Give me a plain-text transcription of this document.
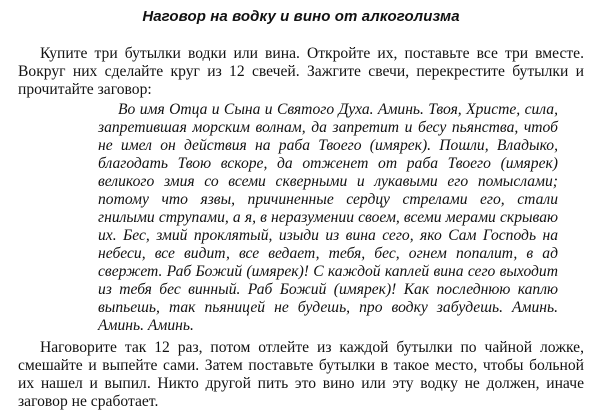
Наговор на водку и вино от алкоголизма

Купите три бутылки водки или вина. Откройте их, поставьте все три вместе. Вокруг них сделайте круг из 12 свечей. Зажгите свечи, перекрестите бутылки и прочитайте заговор:

Во имя Отца и Сына и Святого Духа. Аминь. Твоя, Христе, сила, запретившая морским волнам, да запретит и бесу пьянства, чтоб не имел он действия на раба Твоего (имярек). Пошли, Владыко, благодать Твою вскоре, да отженет от раба Твоего (имярек) великого змия со всеми скверными и лукавыми его помыслами; потому что язвы, причиненные сердцу стрелами его, стали гнилыми струпами, а я, в неразумении своем, всеми мерами скрываю их. Бес, змий проклятый, изыди из вина сего, яко Сам Господь на небеси, все видит, все ведает, тебя, бес, огнем попалит, в ад свержет. Раб Божий (имярек)! С каждой каплей вина сего выходит из тебя бес винный. Раб Божий (имярек)! Как последнюю каплю выпьешь, так пьяницей не будешь, про водку забудешь. Аминь. Аминь. Аминь.

Наговорите так 12 раз, потом отлейте из каждой бутылки по чайной ложке, смешайте и выпейте сами. Затем поставьте бутылки в такое место, чтобы больной их нашел и выпил. Никто другой пить это вино или эту водку не должен, иначе заговор не сработает.
